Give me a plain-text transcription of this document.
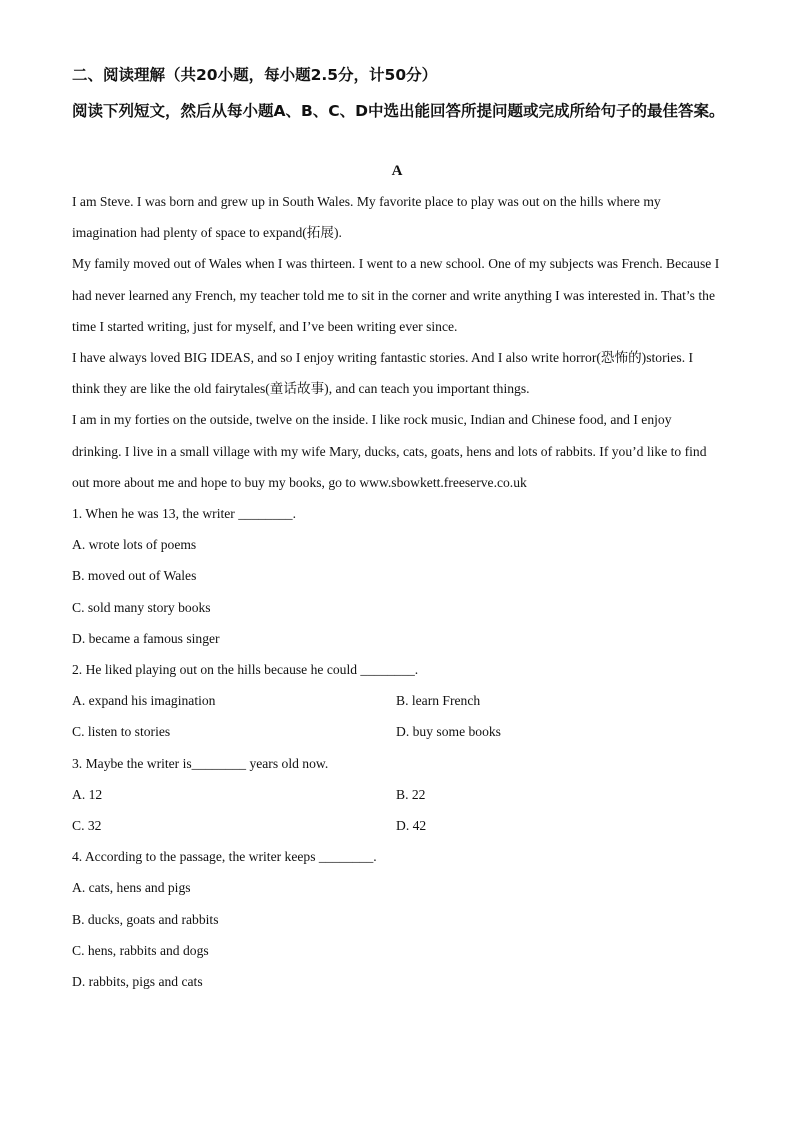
二、阅读理解（共20小题，每小题2.5分，计50分）
阅读下列短文，然后从每小题A、B、C、D中选出能回答所提问题或完成所给句子的最佳答案。
A

I am Steve. I was born and grew up in South Wales. My favorite place to play was out on the hills where my imagination had plenty of space to expand(拓展).

My family moved out of Wales when I was thirteen. I went to a new school. One of my subjects was French. Because I had never learned any French, my teacher told me to sit in the corner and write anything I was interested in. That’s the time I started writing, just for myself, and I’ve been writing ever since.

I have always loved BIG IDEAS, and so I enjoy writing fantastic stories. And I also write horror(恐怖的)stories. I think they are like the old fairytales(童话故事), and can teach you important things.

I am in my forties on the outside, twelve on the inside. I like rock music, Indian and Chinese food, and I enjoy drinking. I live in a small village with my wife Mary, ducks, cats, goats, hens and lots of rabbits. If you’d like to find out more about me and hope to buy my books, go to www.sbowkett.freeserve.co.uk

1. When he was 13, the writer ________.

A. wrote lots of poems

B. moved out of Wales

C. sold many story books

D. became a famous singer

2. He liked playing out on the hills because he could ________.

A. expand his imagination	B. learn French

C. listen to stories	D. buy some books

3. Maybe the writer is________ years old now.

A. 12	B. 22

C. 32	D. 42

4. According to the passage, the writer keeps ________.

A. cats, hens and pigs

B. ducks, goats and rabbits

C. hens, rabbits and dogs

D. rabbits, pigs and cats
